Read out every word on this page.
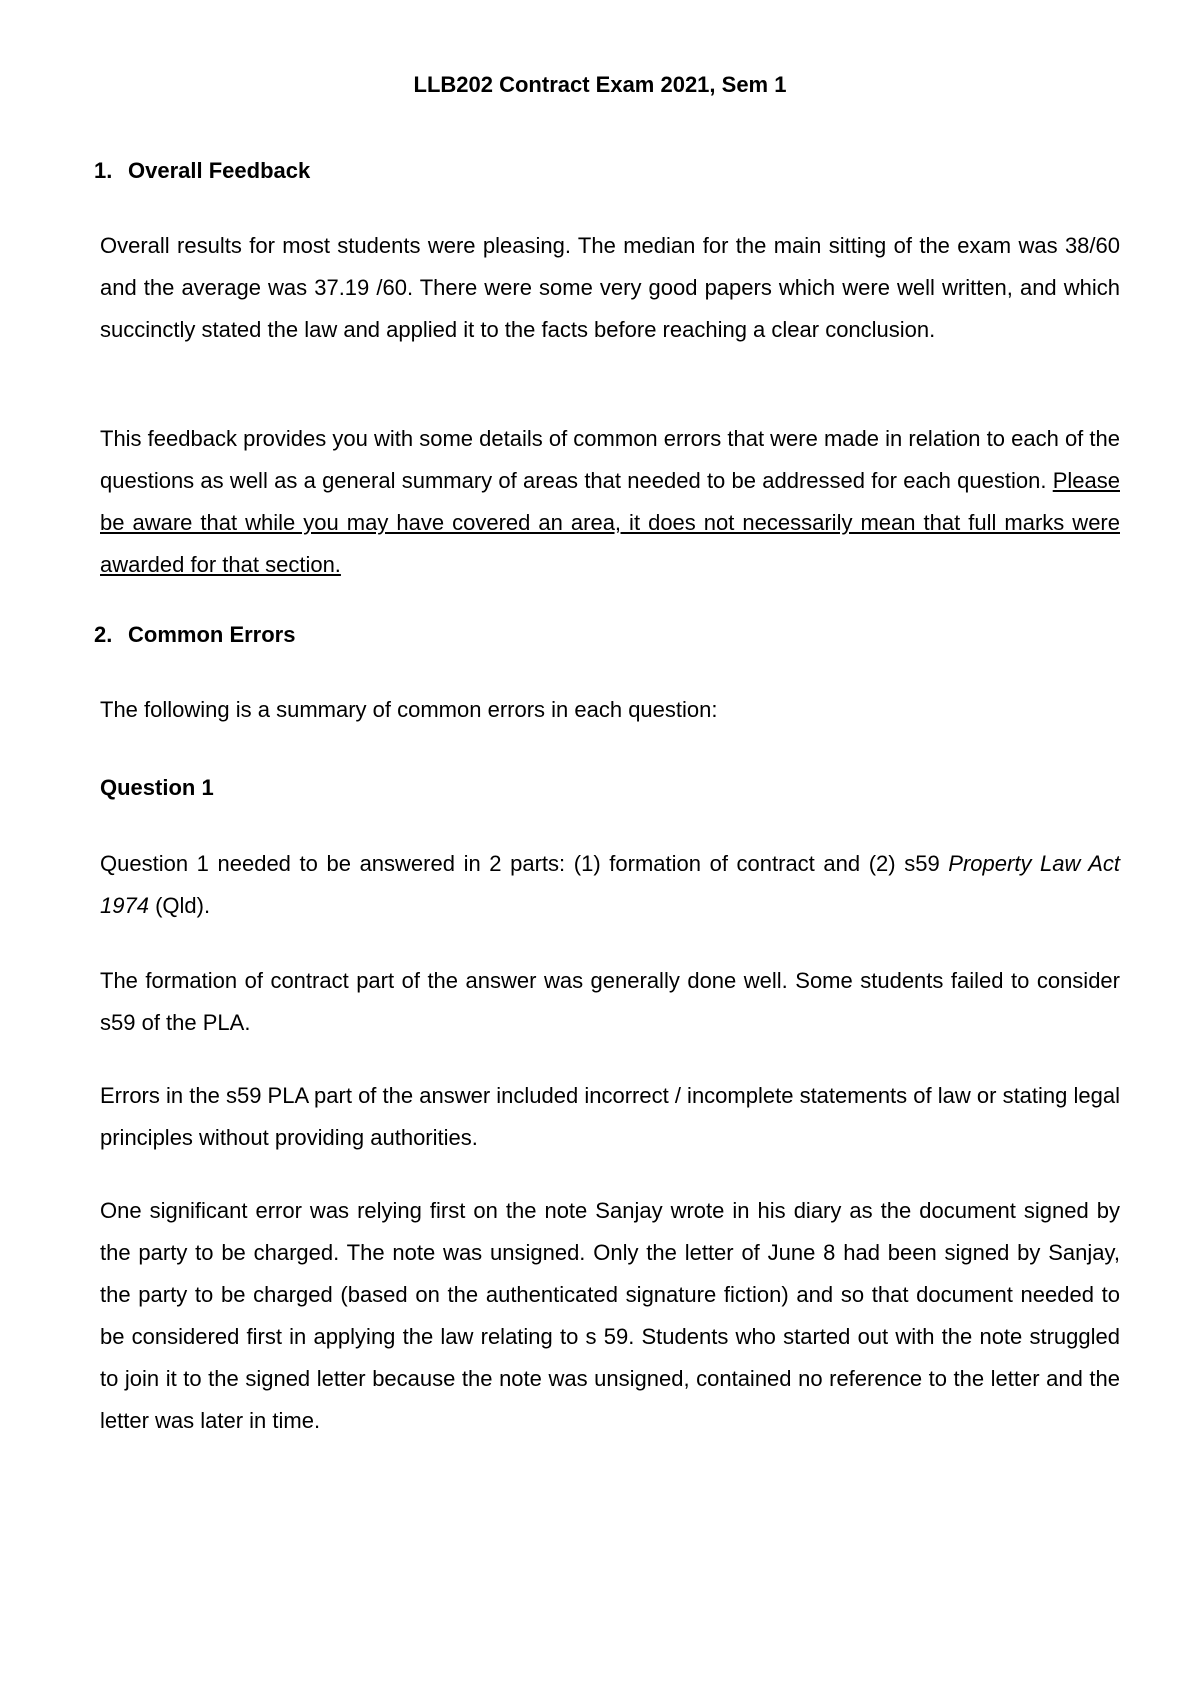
LLB202 Contract Exam 2021, Sem 1
1. Overall Feedback

Overall results for most students were pleasing. The median for the main sitting of the exam was 38/60 and the average was 37.19 /60. There were some very good papers which were well written, and which succinctly stated the law and applied it to the facts before reaching a clear conclusion.

This feedback provides you with some details of common errors that were made in relation to each of the questions as well as a general summary of areas that needed to be addressed for each question. Please be aware that while you may have covered an area, it does not necessarily mean that full marks were awarded for that section.

2. Common Errors

The following is a summary of common errors in each question:

Question 1

Question 1 needed to be answered in 2 parts: (1) formation of contract and (2) s59 Property Law Act 1974 (Qld).

The formation of contract part of the answer was generally done well. Some students failed to consider s59 of the PLA.

Errors in the s59 PLA part of the answer included incorrect / incomplete statements of law or stating legal principles without providing authorities.

One significant error was relying first on the note Sanjay wrote in his diary as the document signed by the party to be charged. The note was unsigned. Only the letter of June 8 had been signed by Sanjay, the party to be charged (based on the authenticated signature fiction) and so that document needed to be considered first in applying the law relating to s 59. Students who started out with the note struggled to join it to the signed letter because the note was unsigned, contained no reference to the letter and the letter was later in time.
